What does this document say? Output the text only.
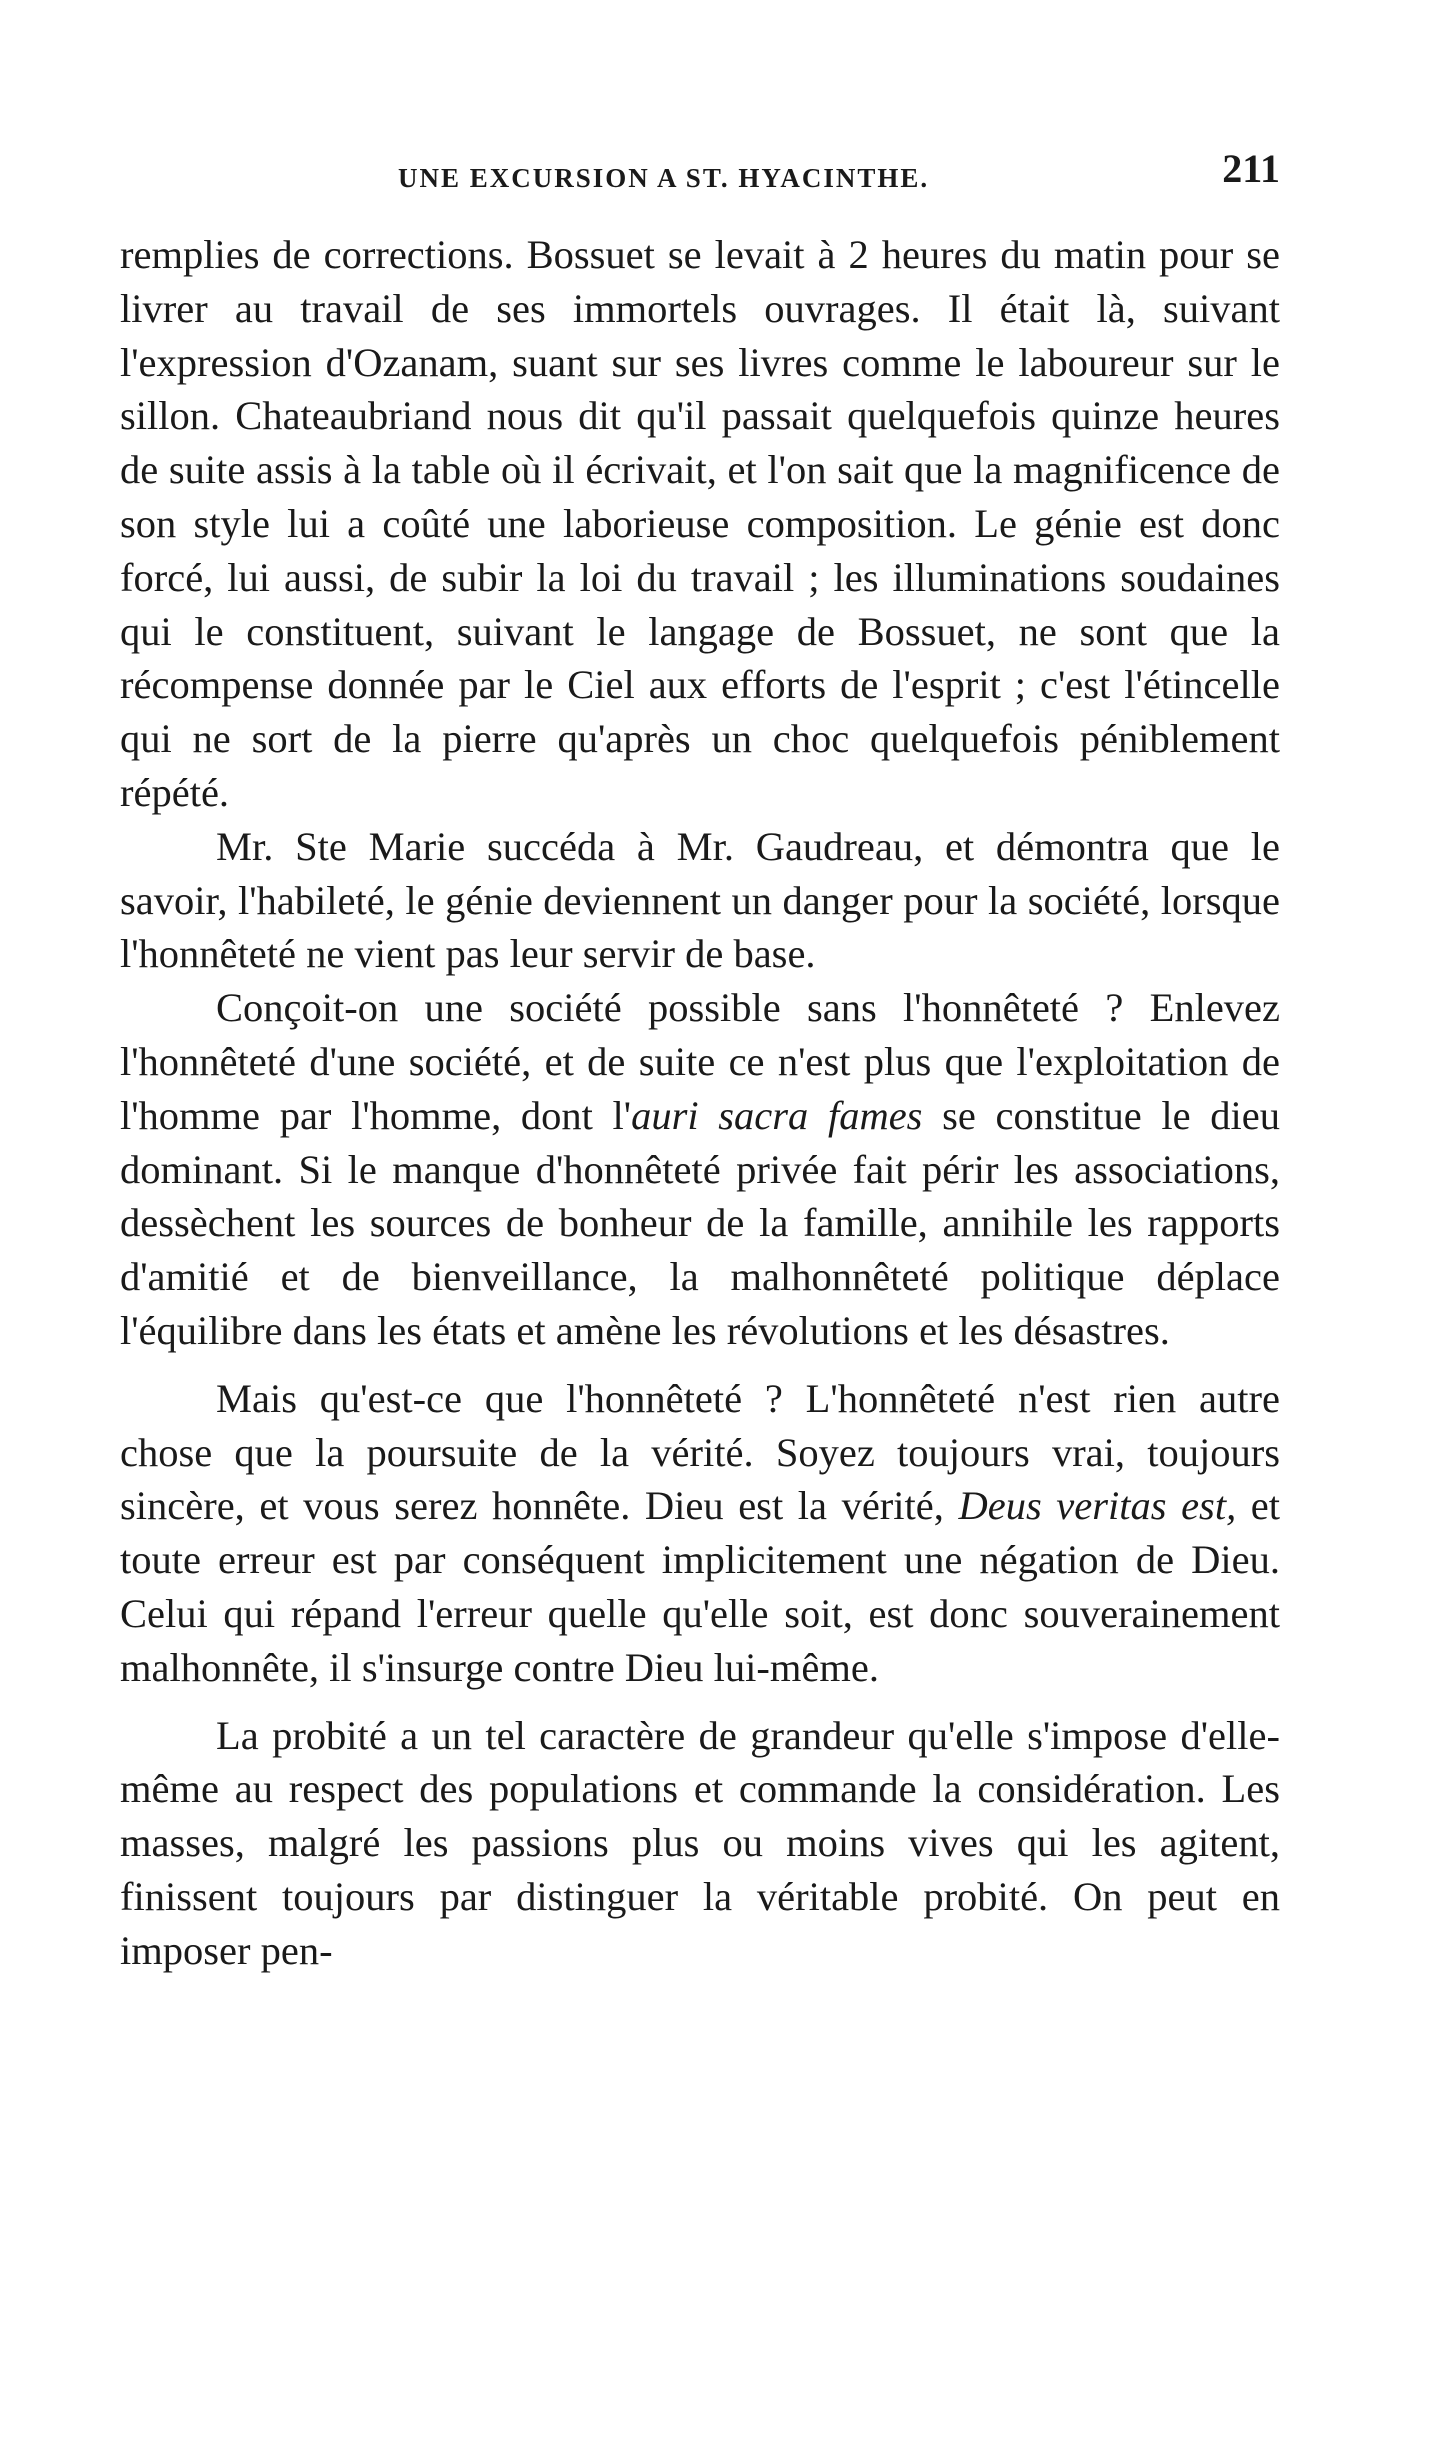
UNE EXCURSION A ST. HYACINTHE.	211

remplies de corrections. Bossuet se levait à 2 heures du matin pour se livrer au travail de ses immortels ouvrages. Il était là, suivant l'expression d'Ozanam, suant sur ses livres comme le laboureur sur le sillon. Chateaubriand nous dit qu'il passait quelquefois quinze heures de suite assis à la table où il écrivait, et l'on sait que la magnificence de son style lui a coûté une laborieuse composition. Le génie est donc forcé, lui aussi, de subir la loi du travail ; les illuminations soudaines qui le constituent, suivant le langage de Bossuet, ne sont que la récompense donnée par le Ciel aux efforts de l'esprit ; c'est l'étincelle qui ne sort de la pierre qu'après un choc quelquefois péniblement répété.

Mr. Ste Marie succéda à Mr. Gaudreau, et démontra que le savoir, l'habileté, le génie deviennent un danger pour la société, lorsque l'honnêteté ne vient pas leur servir de base.

Conçoit-on une société possible sans l'honnêteté ? Enlevez l'honnêteté d'une société, et de suite ce n'est plus que l'exploitation de l'homme par l'homme, dont l'auri sacra fames se constitue le dieu dominant. Si le manque d'honnêteté privée fait périr les associations, dessèchent les sources de bonheur de la famille, annihile les rapports d'amitié et de bienveillance, la malhonnêteté politique déplace l'équilibre dans les états et amène les révolutions et les désastres.

Mais qu'est-ce que l'honnêteté ? L'honnêteté n'est rien autre chose que la poursuite de la vérité. Soyez toujours vrai, toujours sincère, et vous serez honnête. Dieu est la vérité, Deus veritas est, et toute erreur est par conséquent implicitement une négation de Dieu. Celui qui répand l'erreur quelle qu'elle soit, est donc souverainement malhonnête, il s'insurge contre Dieu lui-même.

La probité a un tel caractère de grandeur qu'elle s'impose d'elle-même au respect des populations et commande la considération. Les masses, malgré les passions plus ou moins vives qui les agitent, finissent toujours par distinguer la véritable probité. On peut en imposer pen-
